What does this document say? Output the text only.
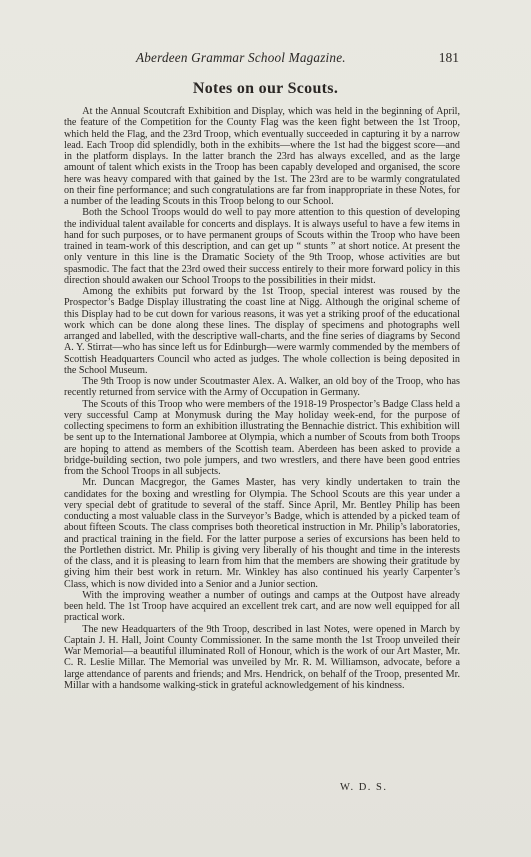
Aberdeen Grammar School Magazine.	181
Notes on our Scouts.

At the Annual Scoutcraft Exhibition and Display, which was held in the beginning of April, the feature of the Competition for the County Flag was the keen fight between the 1st Troop, which held the Flag, and the 23rd Troop, which eventually succeeded in capturing it by a narrow lead. Each Troop did splendidly, both in the exhibits—where the 1st had the biggest score—and in the platform displays. In the latter branch the 23rd has always excelled, and as the large amount of talent which exists in the Troop has been capably developed and organised, the score here was heavy compared with that gained by the 1st. The 23rd are to be warmly congratulated on their fine performance; and such congratulations are far from inappropriate in these Notes, for a number of the leading Scouts in this Troop belong to our School.

Both the School Troops would do well to pay more attention to this question of developing the individual talent available for concerts and displays. It is always useful to have a few items in hand for such purposes, or to have permanent groups of Scouts within the Troop who have been trained in team-work of this description, and can get up “ stunts ” at short notice. At present the only venture in this line is the Dramatic Society of the 9th Troop, whose activities are but spasmodic. The fact that the 23rd owed their success entirely to their more forward policy in this direction should awaken our School Troops to the possibilities in their midst.

Among the exhibits put forward by the 1st Troop, special interest was roused by the Prospector’s Badge Display illustrating the coast line at Nigg. Although the original scheme of this Display had to be cut down for various reasons, it was yet a striking proof of the educational work which can be done along these lines. The display of specimens and photographs well arranged and labelled, with the descriptive wall-charts, and the fine series of diagrams by Second A. Y. Stirrat—who has since left us for Edinburgh—were warmly commended by the members of Scottish Headquarters Council who acted as judges. The whole collection is being deposited in the School Museum.

The 9th Troop is now under Scoutmaster Alex. A. Walker, an old boy of the Troop, who has recently returned from service with the Army of Occupation in Germany.

The Scouts of this Troop who were members of the 1918-19 Prospector’s Badge Class held a very successful Camp at Monymusk during the May holiday week-end, for the purpose of collecting specimens to form an exhibition illustrating the Bennachie district. This exhibition will be sent up to the International Jamboree at Olympia, which a number of Scouts from both Troops are hoping to attend as members of the Scottish team. Aberdeen has been asked to provide a bridge-building section, two pole jumpers, and two wrestlers, and there have been good entries from the School Troops in all subjects.

Mr. Duncan Macgregor, the Games Master, has very kindly undertaken to train the candidates for the boxing and wrestling for Olympia. The School Scouts are this year under a very special debt of gratitude to several of the staff. Since April, Mr. Bentley Philip has been conducting a most valuable class in the Surveyor’s Badge, which is attended by a picked team of about fifteen Scouts. The class comprises both theoretical instruction in Mr. Philip’s laboratories, and practical training in the field. For the latter purpose a series of excursions has been held to the Portlethen district. Mr. Philip is giving very liberally of his thought and time in the interests of the class, and it is pleasing to learn from him that the members are showing their gratitude by giving him their best work in return. Mr. Winkley has also continued his yearly Carpenter’s Class, which is now divided into a Senior and a Junior section.

With the improving weather a number of outings and camps at the Outpost have already been held. The 1st Troop have acquired an excellent trek cart, and are now well equipped for all practical work.

The new Headquarters of the 9th Troop, described in last Notes, were opened in March by Captain J. H. Hall, Joint County Commissioner. In the same month the 1st Troop unveiled their War Memorial—a beautiful illuminated Roll of Honour, which is the work of our Art Master, Mr. C. R. Leslie Millar. The Memorial was unveiled by Mr. R. M. Williamson, advocate, before a large attendance of parents and friends; and Mrs. Hendrick, on behalf of the Troop, presented Mr. Millar with a handsome walking-stick in grateful acknowledgement of his kindness.

W. D. S.
